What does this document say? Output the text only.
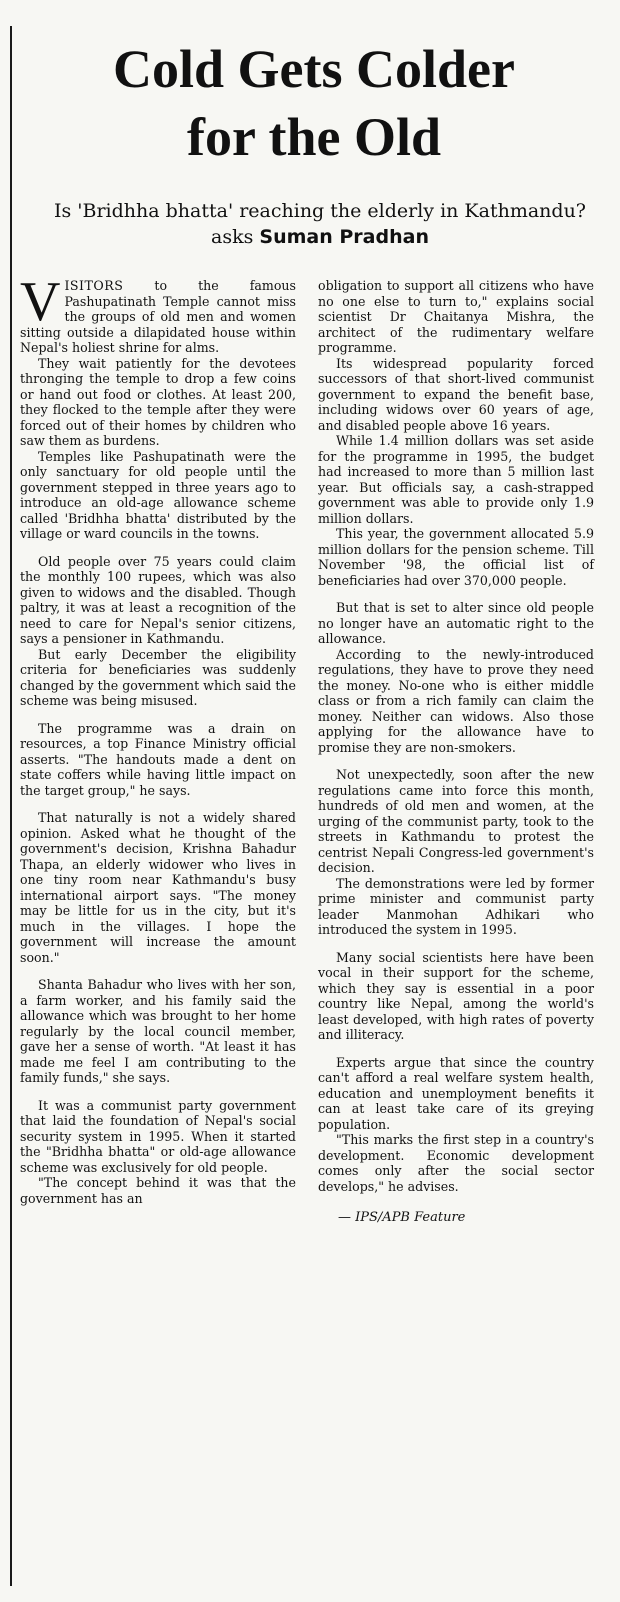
Cold Gets Colder
for the Old

Is 'Bridhha bhatta' reaching the elderly in Kathmandu? asks Suman Pradhan

VISITORS to the famous Pashupatinath Temple cannot miss the groups of old men and women sitting outside a dilapidated house within Nepal's holiest shrine for alms.

They wait patiently for the devotees thronging the temple to drop a few coins or hand out food or clothes. At least 200, they flocked to the temple after they were forced out of their homes by children who saw them as burdens.

Temples like Pashupatinath were the only sanctuary for old people until the government stepped in three years ago to introduce an old-age allowance scheme called 'Bridhha bhatta' distributed by the village or ward councils in the towns.

Old people over 75 years could claim the monthly 100 rupees, which was also given to widows and the disabled. Though paltry, it was at least a recognition of the need to care for Nepal's senior citizens, says a pensioner in Kathmandu.

But early December the eligibility criteria for beneficiaries was suddenly changed by the government which said the scheme was being misused.

The programme was a drain on resources, a top Finance Ministry official asserts. "The handouts made a dent on state coffers while having little impact on the target group," he says.

That naturally is not a widely shared opinion. Asked what he thought of the government's decision, Krishna Bahadur Thapa, an elderly widower who lives in one tiny room near Kathmandu's busy international airport says. "The money may be little for us in the city, but it's much in the villages. I hope the government will increase the amount soon."

Shanta Bahadur who lives with her son, a farm worker, and his family said the allowance which was brought to her home regularly by the local council member, gave her a sense of worth. "At least it has made me feel I am contributing to the family funds," she says.

It was a communist party government that laid the foundation of Nepal's social security system in 1995. When it started the "Bridhha bhatta" or old-age allowance scheme was exclusively for old people.

"The concept behind it was that the government has an

obligation to support all citizens who have no one else to turn to," explains social scientist Dr Chaitanya Mishra, the architect of the rudimentary welfare programme.

Its widespread popularity forced successors of that short-lived communist government to expand the benefit base, including widows over 60 years of age, and disabled people above 16 years.

While 1.4 million dollars was set aside for the programme in 1995, the budget had increased to more than 5 million last year. But officials say, a cash-strapped government was able to provide only 1.9 million dollars.

This year, the government allocated 5.9 million dollars for the pension scheme. Till November '98, the official list of beneficiaries had over 370,000 people.

But that is set to alter since old people no longer have an automatic right to the allowance.

According to the newly-introduced regulations, they have to prove they need the money. No-one who is either middle class or from a rich family can claim the money. Neither can widows. Also those applying for the allowance have to promise they are non-smokers.

Not unexpectedly, soon after the new regulations came into force this month, hundreds of old men and women, at the urging of the communist party, took to the streets in Kathmandu to protest the centrist Nepali Congress-led government's decision.

The demonstrations were led by former prime minister and communist party leader Manmohan Adhikari who introduced the system in 1995.

Many social scientists here have been vocal in their support for the scheme, which they say is essential in a poor country like Nepal, among the world's least developed, with high rates of poverty and illiteracy.

Experts argue that since the country can't afford a real welfare system health, education and unemployment benefits it can at least take care of its greying population.

"This marks the first step in a country's development. Economic development comes only after the social sector develops," he advises.

— IPS/APB Feature
